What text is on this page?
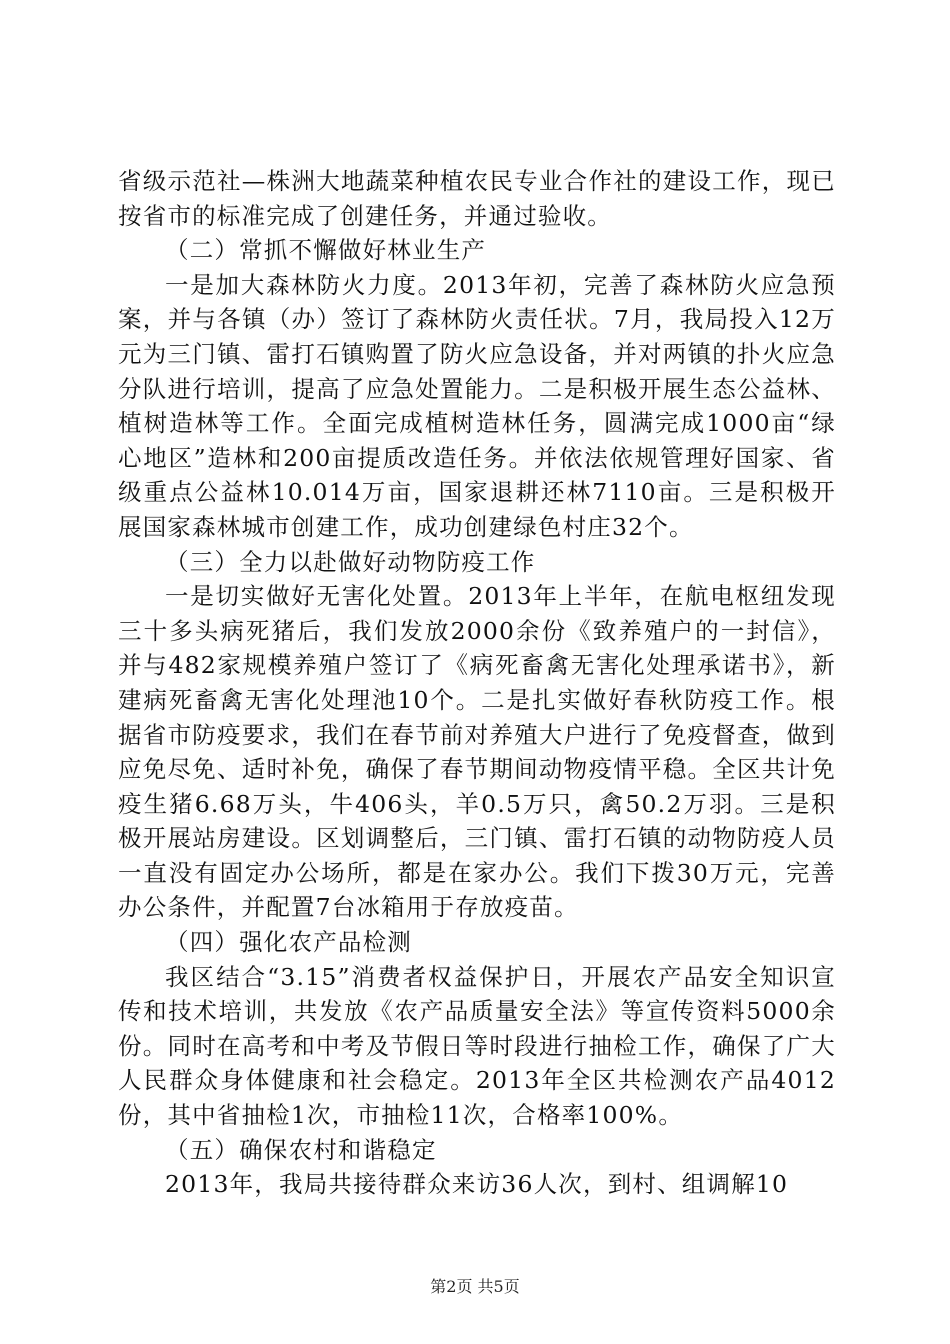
省级示范社—株洲大地蔬菜种植农民专业合作社的建设工作，现已按省市的标准完成了创建任务，并通过验收。

（二）常抓不懈做好林业生产

一是加大森林防火力度。2013年初，完善了森林防火应急预案，并与各镇（办）签订了森林防火责任状。7月，我局投入12万元为三门镇、雷打石镇购置了防火应急设备，并对两镇的扑火应急分队进行培训，提高了应急处置能力。二是积极开展生态公益林、植树造林等工作。全面完成植树造林任务，圆满完成1000亩“绿心地区”造林和200亩提质改造任务。并依法依规管理好国家、省级重点公益林10.014万亩，国家退耕还林7110亩。三是积极开展国家森林城市创建工作，成功创建绿色村庄32个。

（三）全力以赴做好动物防疫工作

一是切实做好无害化处置。2013年上半年，在航电枢纽发现三十多头病死猪后，我们发放2000余份《致养殖户的一封信》，并与482家规模养殖户签订了《病死畜禽无害化处理承诺书》，新建病死畜禽无害化处理池10个。二是扎实做好春秋防疫工作。根据省市防疫要求，我们在春节前对养殖大户进行了免疫督查，做到应免尽免、适时补免，确保了春节期间动物疫情平稳。全区共计免疫生猪6.68万头，牛406头，羊0.5万只，禽50.2万羽。三是积极开展站房建设。区划调整后，三门镇、雷打石镇的动物防疫人员一直没有固定办公场所，都是在家办公。我们下拨30万元，完善办公条件，并配置7台冰箱用于存放疫苗。

（四）强化农产品检测

我区结合“3.15”消费者权益保护日，开展农产品安全知识宣传和技术培训，共发放《农产品质量安全法》等宣传资料5000余份。同时在高考和中考及节假日等时段进行抽检工作，确保了广大人民群众身体健康和社会稳定。2013年全区共检测农产品4012份，其中省抽检1次，市抽检11次，合格率100%。

（五）确保农村和谐稳定

2013年，我局共接待群众来访36人次，到村、组调解10

第2页 共5页
